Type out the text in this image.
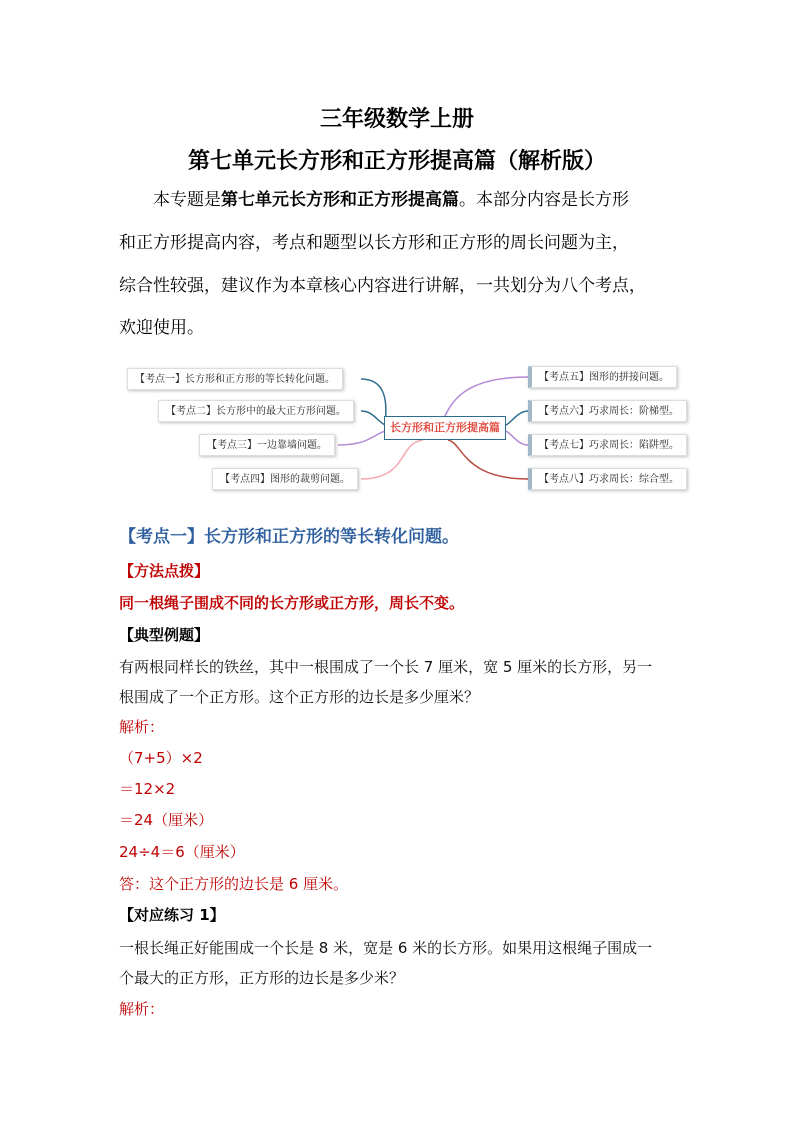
三年级数学上册
第七单元长方形和正方形提高篇（解析版）
本专题是第七单元长方形和正方形提高篇。本部分内容是长方形
和正方形提高内容，考点和题型以长方形和正方形的周长问题为主，
综合性较强，建议作为本章核心内容进行讲解，一共划分为八个考点，
欢迎使用。
【考点一】长方形和正方形的等长转化问题。
【考点二】长方形中的最大正方形问题。
【考点三】一边靠墙问题。
【考点四】图形的裁剪问题。
长方形和正方形提高篇
【考点五】图形的拼接问题。
【考点六】巧求周长：阶梯型。
【考点七】巧求周长：陷阱型。
【考点八】巧求周长：综合型。
【考点一】长方形和正方形的等长转化问题。
【方法点拨】
同一根绳子围成不同的长方形或正方形，周长不变。
【典型例题】
有两根同样长的铁丝，其中一根围成了一个长 7 厘米，宽 5 厘米的长方形，另一
根围成了一个正方形。这个正方形的边长是多少厘米？
解析：
（7+5）×2
＝12×2
＝24（厘米）
24÷4＝6（厘米）
答：这个正方形的边长是 6 厘米。
【对应练习 1】
一根长绳正好能围成一个长是 8 米，宽是 6 米的长方形。如果用这根绳子围成一
个最大的正方形，正方形的边长是多少米？
解析：
